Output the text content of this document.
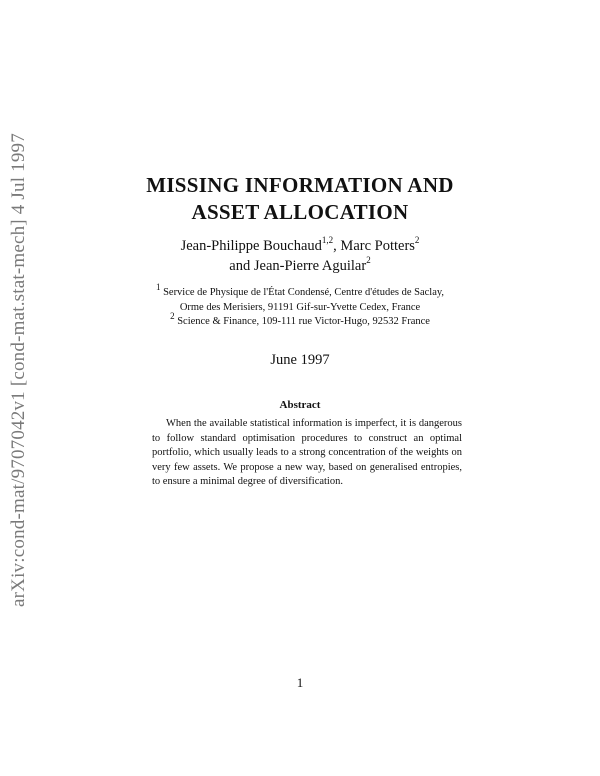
arXiv:cond-mat/9707042v1 [cond-mat.stat-mech] 4 Jul 1997	MISSING INFORMATION AND
ASSET ALLOCATION
Jean-Philippe Bouchaud$^{1,2}$, Marc Potters$^2$
and Jean-Pierre Aguilar$^2$
$^1$ Service de Physique de l'État Condensé, Centre d'études de Saclay,
Orme des Merisiers, 91191 Gif-sur-Yvette Cedex, France
$^2$ Science & Finance, 109-111 rue Victor-Hugo, 92532 France
June 1997
Abstract
When the available statistical information is imperfect, it is dangerous to follow standard optimisation procedures to construct an optimal portfolio, which usually leads to a strong concentration of the weights on very few assets. We propose a new way, based on generalised entropies, to ensure a minimal degree of diversification.
1
